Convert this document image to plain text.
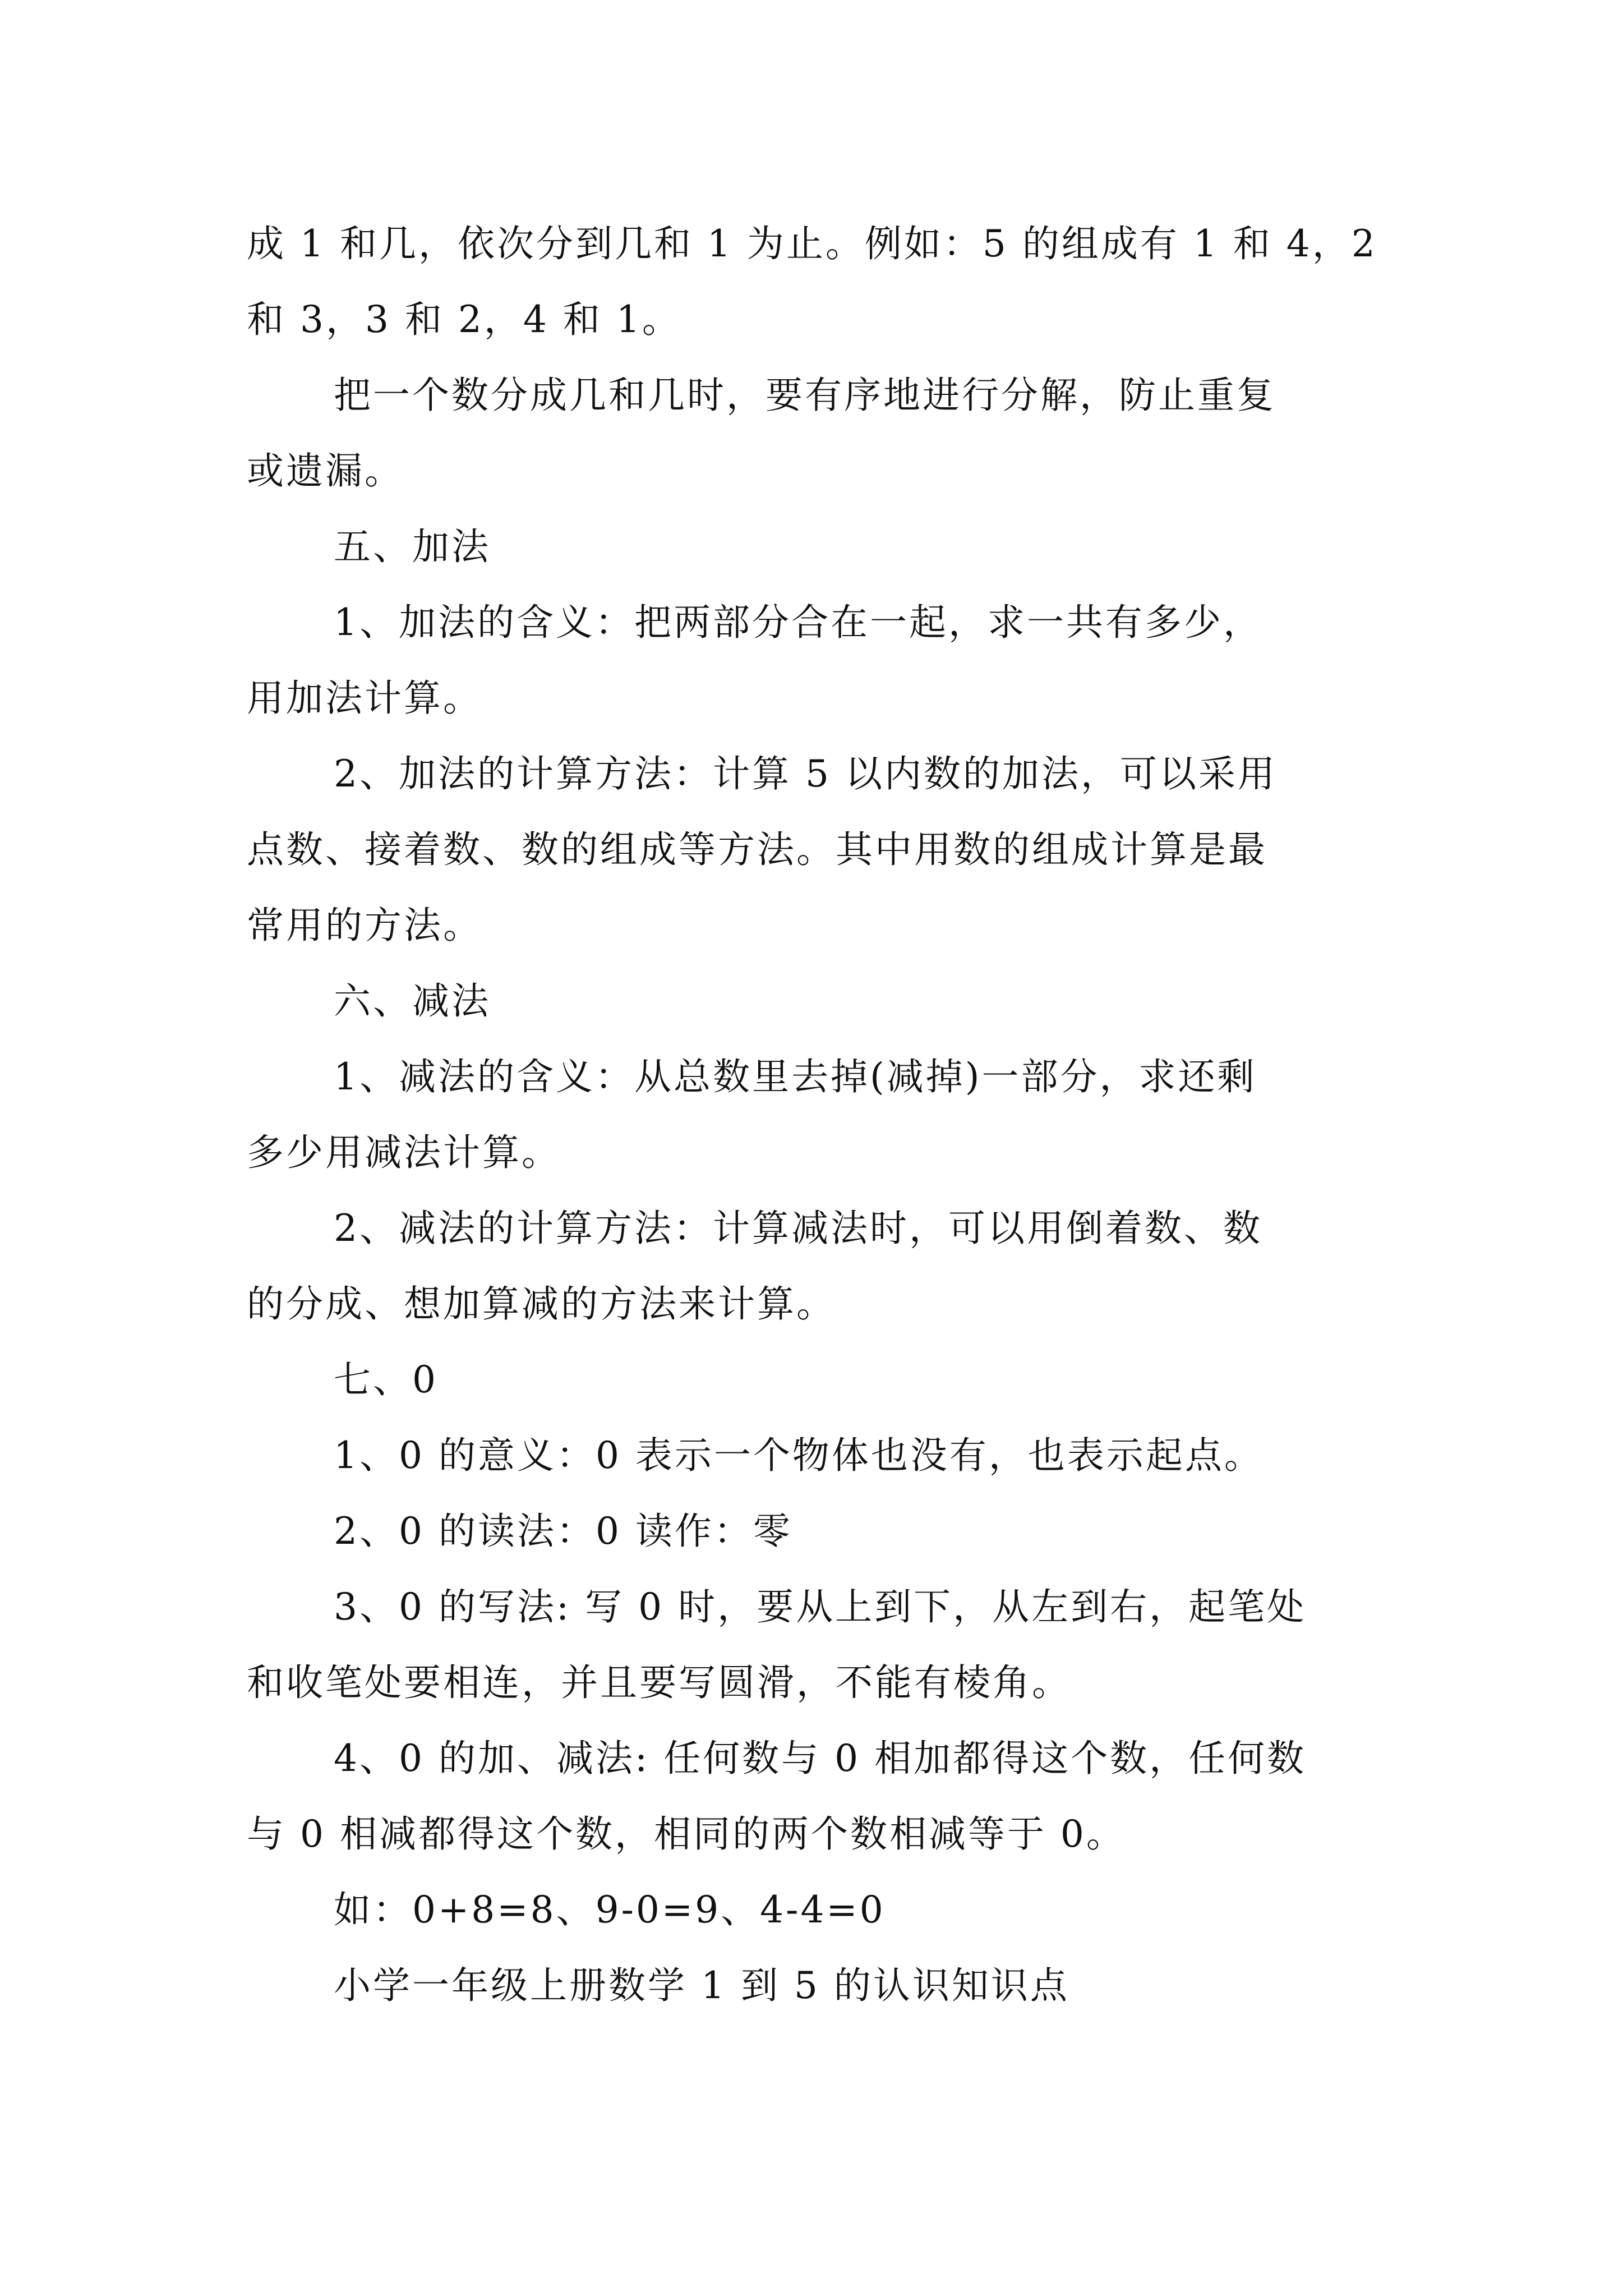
成 1 和几，依次分到几和 1 为止。例如：5 的组成有 1 和 4，2
和 3，3 和 2，4 和 1。
把一个数分成几和几时，要有序地进行分解，防止重复
或遗漏。
五、加法
1、加法的含义：把两部分合在一起，求一共有多少，
用加法计算。
2、加法的计算方法：计算 5 以内数的加法，可以采用
点数、接着数、数的组成等方法。其中用数的组成计算是最
常用的方法。
六、减法
1、减法的含义：从总数里去掉(减掉)一部分，求还剩
多少用减法计算。
2、减法的计算方法：计算减法时，可以用倒着数、数
的分成、想加算减的方法来计算。
七、0
1、0 的意义：0 表示一个物体也没有，也表示起点。
2、0 的读法：0 读作：零
3、0 的写法: 写 0 时，要从上到下，从左到右，起笔处
和收笔处要相连，并且要写圆滑，不能有棱角。
4、0 的加、减法: 任何数与 0 相加都得这个数，任何数
与 0 相减都得这个数，相同的两个数相减等于 0。
如：0+8=8、9-0=9、4-4=0
小学一年级上册数学 1 到 5 的认识知识点
